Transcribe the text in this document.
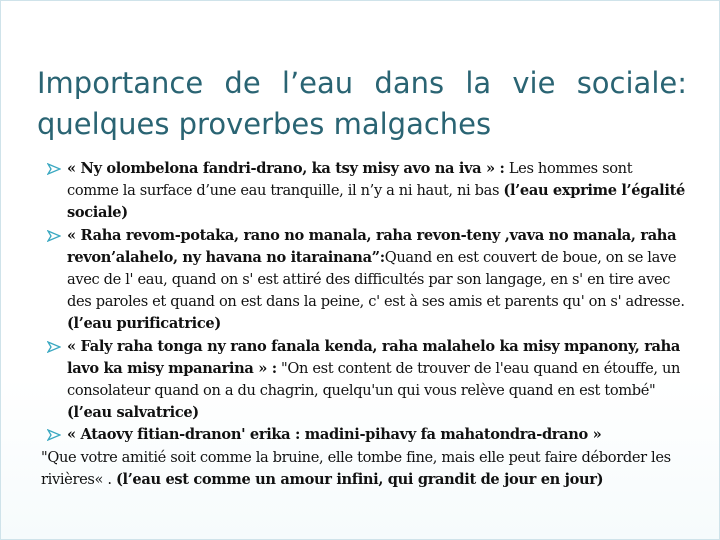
Importance de l’eau dans la vie sociale:
quelques proverbes malgaches
« Ny olombelona fandri-drano, ka tsy misy avo na iva » : Les hommes sont comme la surface d’une eau tranquille, il n’y a ni haut, ni bas (l’eau exprime l’égalité sociale)
« Raha revom-potaka, rano no manala, raha revon-teny ,vava no manala, raha revon’alahelo, ny havana no itarainana”:Quand en est couvert de boue, on se lave avec de l' eau, quand on s' est attiré des difficultés par son langage, en s' en tire avec des paroles et quand on est dans la peine, c' est à ses amis et parents qu' on s' adresse. (l’eau purificatrice)
« Faly raha tonga ny rano fanala kenda, raha malahelo ka misy mpanony, raha lavo ka misy mpanarina » : "On est content de trouver de l'eau quand en étouffe, un consolateur quand on a du chagrin, quelqu'un qui vous relève quand en est tombé" (l’eau salvatrice)
« Ataovy fitian-dranon' erika : madini-pihavy fa mahatondra-drano »
"Que votre amitié soit comme la bruine, elle tombe fine, mais elle peut faire déborder les rivières« . (l’eau est comme un amour infini, qui grandit de jour en jour)
